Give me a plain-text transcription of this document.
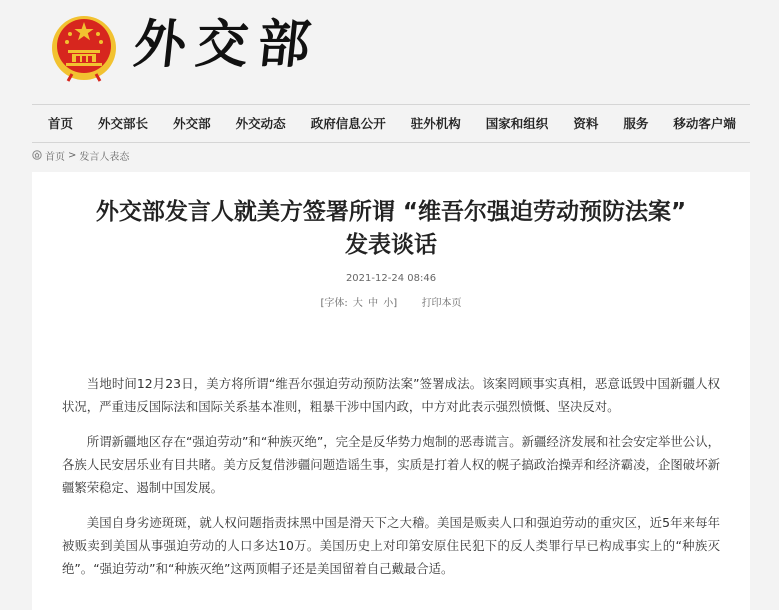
外交部
首页 外交部长 外交部 外交动态 政府信息公开 驻外机构 国家和组织 资料 服务 移动客户端
首页 > 发言人表态
外交部发言人就美方签署所谓 “维吾尔强迫劳动预防法案”
发表谈话
2021-12-24 08:46
[字体: 大 中 小] 打印本页

当地时间12月23日，美方将所谓“维吾尔强迫劳动预防法案”签署成法。该案罔顾事实真相，恶意诋毁中国新疆人权状况，严重违反国际法和国际关系基本准则，粗暴干涉中国内政，中方对此表示强烈愤慨、坚决反对。

所谓新疆地区存在“强迫劳动”和“种族灭绝”，完全是反华势力炮制的恶毒谎言。新疆经济发展和社会安定举世公认，各族人民安居乐业有目共睹。美方反复借涉疆问题造谣生事，实质是打着人权的幌子搞政治操弄和经济霸凌，企图破坏新疆繁荣稳定、遏制中国发展。

美国自身劣迹斑斑，就人权问题指责抹黑中国是滑天下之大稽。美国是贩卖人口和强迫劳动的重灾区，近5年来每年被贩卖到美国从事强迫劳动的人口多达10万。美国历史上对印第安原住民犯下的反人类罪行早已构成事实上的“种族灭绝”。“强迫劳动”和“种族灭绝”这两顶帽子还是美国留着自己戴最合适。
